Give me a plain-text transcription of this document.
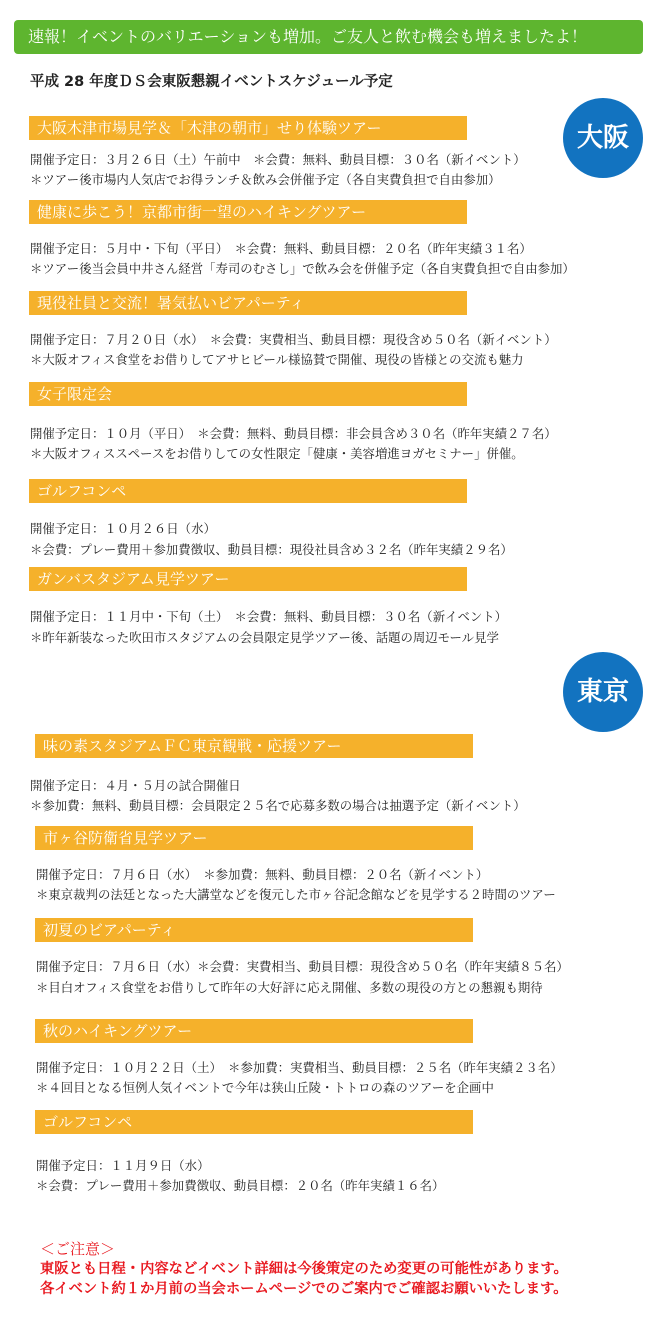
速報！イベントのバリエーションも増加。ご友人と飲む機会も増えましたよ！
平成 28 年度ＤＳ会東阪懇親イベントスケジュール予定
大阪
大阪木津市場見学＆「木津の朝市」せり体験ツアー
開催予定日：３月２６日（土）午前中　＊会費：無料、動員目標：３０名（新イベント）
＊ツアー後市場内人気店でお得ランチ＆飲み会併催予定（各自実費負担で自由参加）
健康に歩こう！京都市街一望のハイキングツアー
開催予定日：５月中・下旬（平日）　＊会費：無料、動員目標：２０名（昨年実績３１名）
＊ツアー後当会員中井さん経営「寿司のむさし」で飲み会を併催予定（各自実費負担で自由参加）
現役社員と交流！暑気払いビアパーティ
開催予定日：７月２０日（水）　＊会費：実費相当、動員目標：現役含め５０名（新イベント）
＊大阪オフィス食堂をお借りしてアサヒビール様協賛で開催、現役の皆様との交流も魅力
女子限定会
開催予定日：１０月（平日）　＊会費：無料、動員目標：非会員含め３０名（昨年実績２７名）
＊大阪オフィススペースをお借りしての女性限定「健康・美容増進ヨガセミナー」併催。
ゴルフコンペ
開催予定日：１０月２６日（水）
＊会費：プレー費用＋参加費徴収、動員目標：現役社員含め３２名（昨年実績２９名）
ガンバスタジアム見学ツアー
開催予定日：１１月中・下旬（土）　＊会費：無料、動員目標：３０名（新イベント）
＊昨年新装なった吹田市スタジアムの会員限定見学ツアー後、話題の周辺モール見学
東京
味の素スタジアムＦＣ東京観戦・応援ツアー
開催予定日：４月・５月の試合開催日
＊参加費：無料、動員目標：会員限定２５名で応募多数の場合は抽選予定（新イベント）
市ヶ谷防衛省見学ツアー
開催予定日：７月６日（水）　＊参加費：無料、動員目標：２０名（新イベント）
＊東京裁判の法廷となった大講堂などを復元した市ヶ谷記念館などを見学する２時間のツアー
初夏のビアパーティ
開催予定日：７月６日（水）＊会費：実費相当、動員目標：現役含め５０名（昨年実績８５名）
＊目白オフィス食堂をお借りして昨年の大好評に応え開催、多数の現役の方との懇親も期待
秋のハイキングツアー
開催予定日：１０月２２日（土）　＊参加費：実費相当、動員目標：２５名（昨年実績２３名）
＊４回目となる恒例人気イベントで今年は狭山丘陵・トトロの森のツアーを企画中
ゴルフコンペ
開催予定日：１１月９日（水）
＊会費：プレー費用＋参加費徴収、動員目標：２０名（昨年実績１６名）
＜ご注意＞
東阪とも日程・内容などイベント詳細は今後策定のため変更の可能性があります。
各イベント約１か月前の当会ホームページでのご案内でご確認お願いいたします。
